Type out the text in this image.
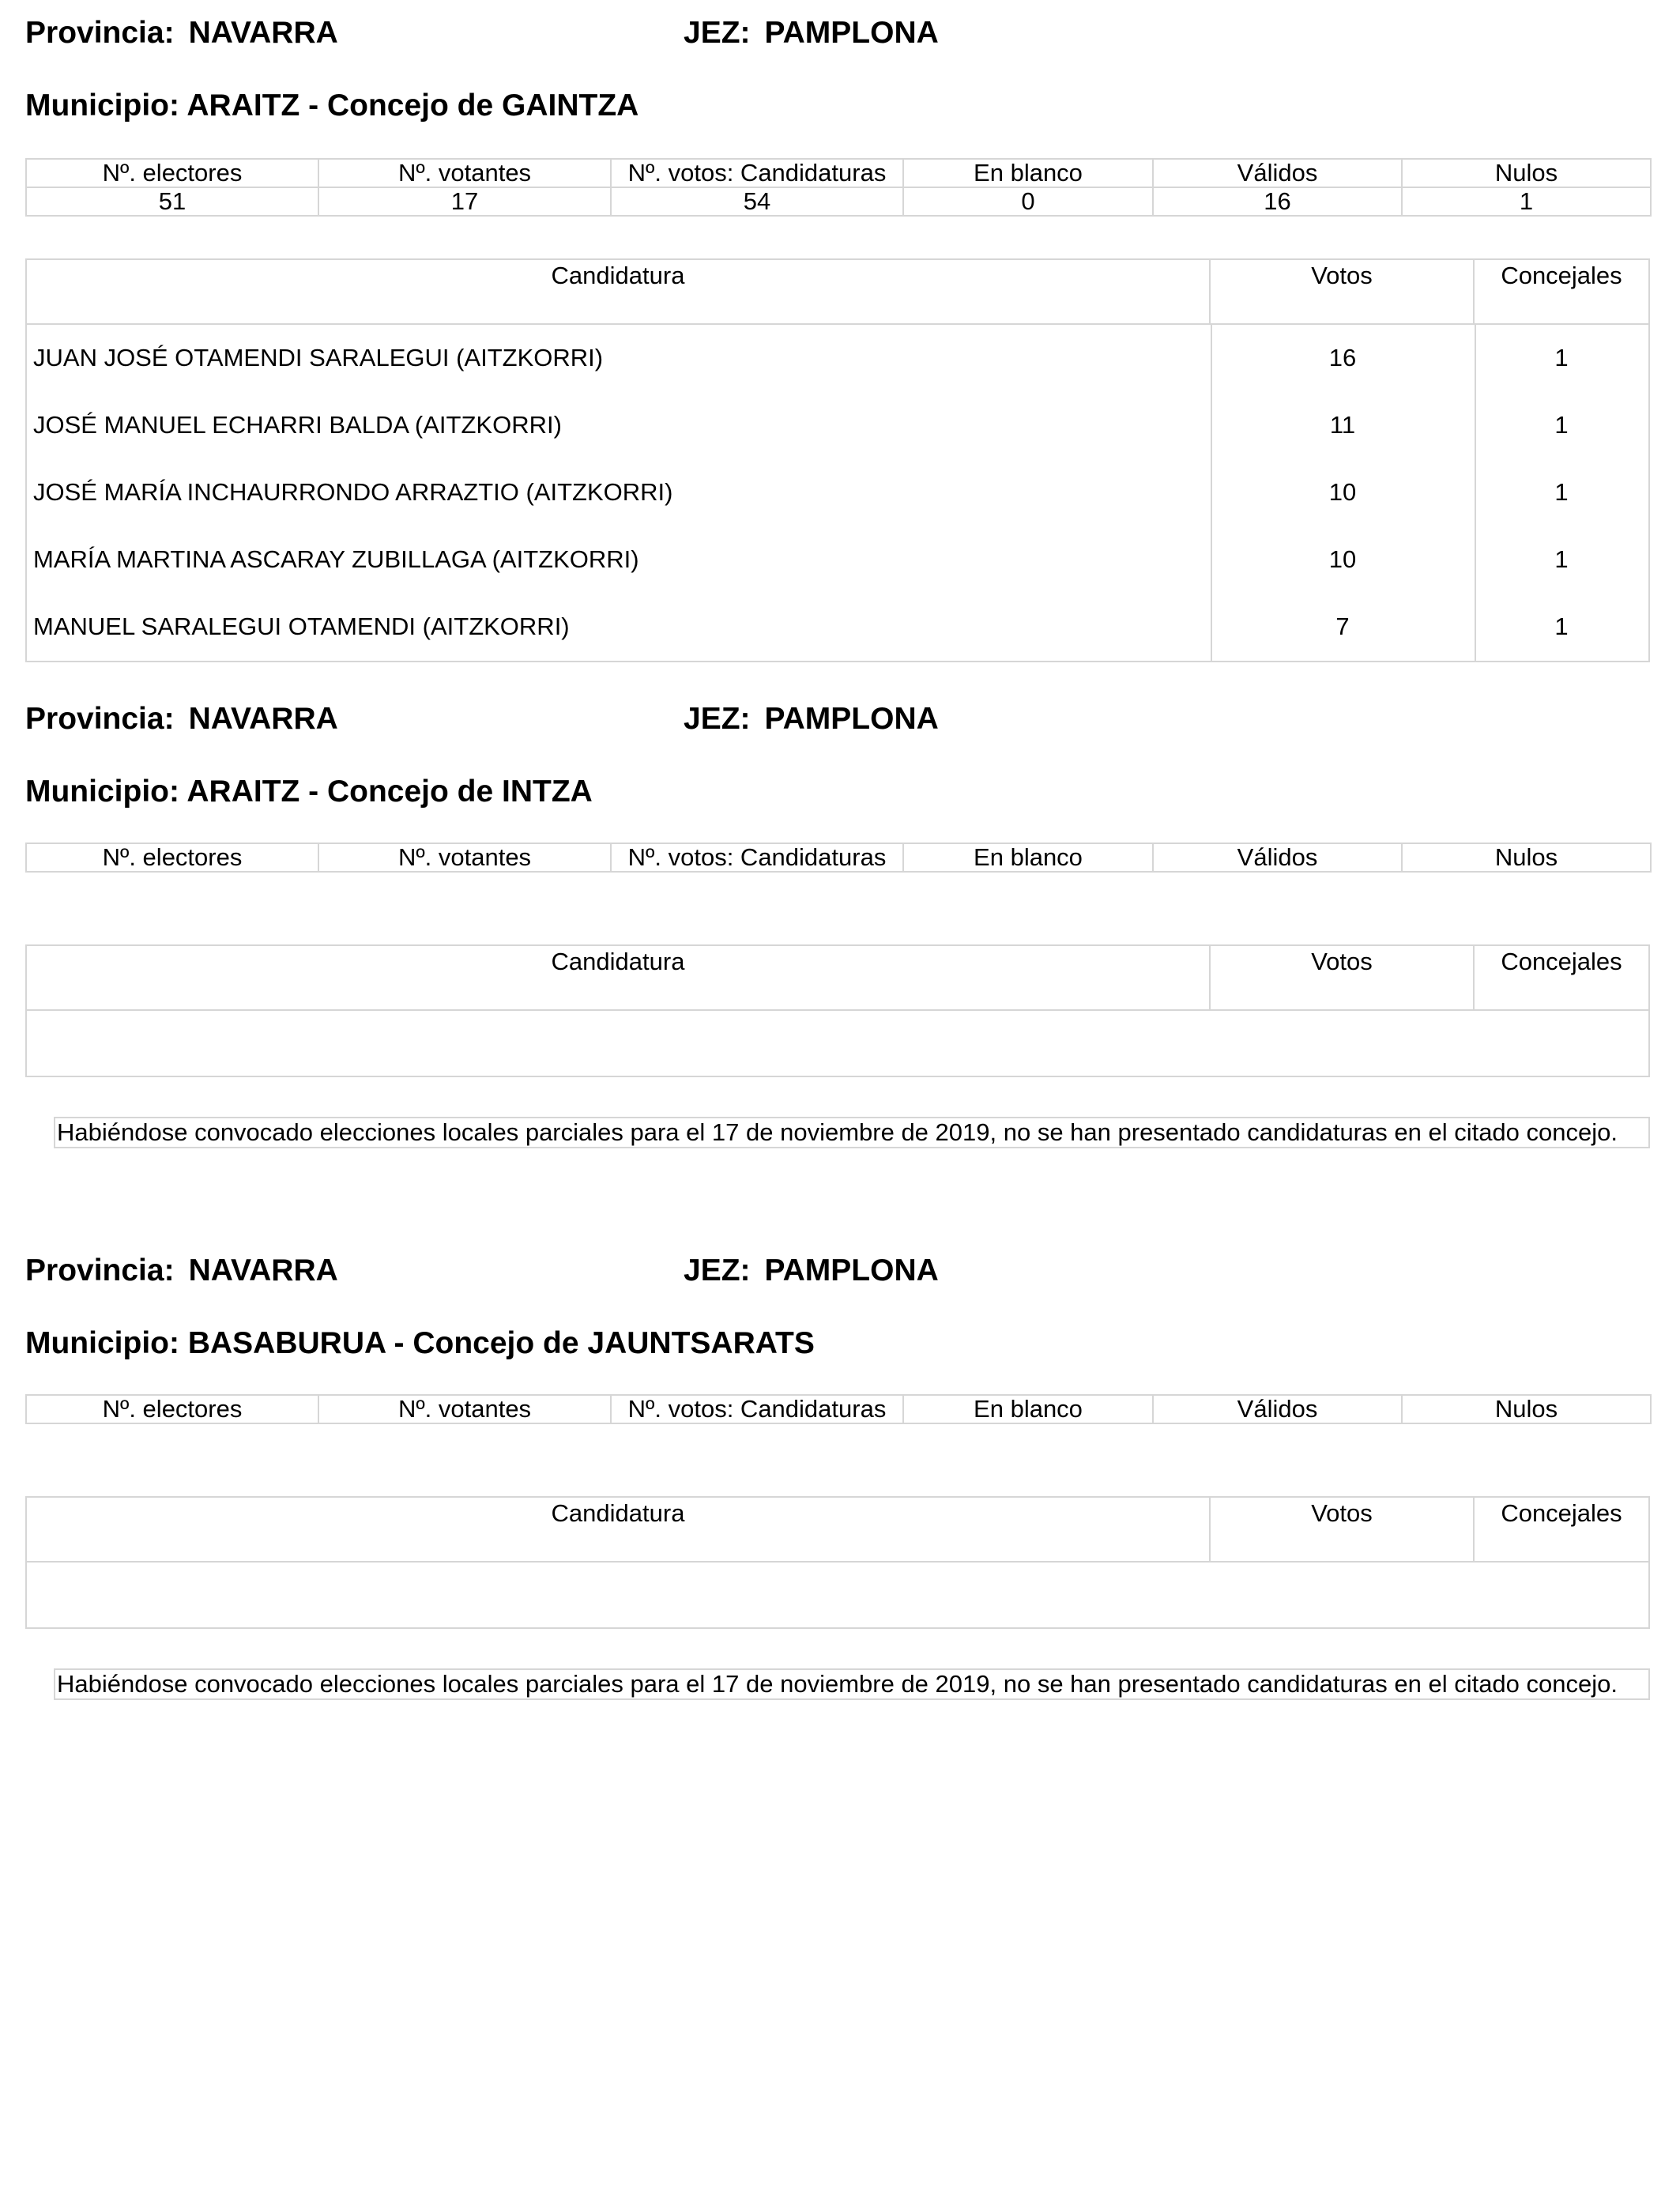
Provincia: NAVARRA	JEZ: PAMPLONA
Municipio: ARAITZ - Concejo de GAINTZA
Nº. electores	Nº. votantes	Nº. votos: Candidaturas	En blanco	Válidos	Nulos
51	17	54	0	16	1
Candidatura	Votos	Concejales
JUAN JOSÉ OTAMENDI SARALEGUI (AITZKORRI)	16	1
JOSÉ MANUEL ECHARRI BALDA (AITZKORRI)	11	1
JOSÉ MARÍA INCHAURRONDO ARRAZTIO (AITZKORRI)	10	1
MARÍA MARTINA ASCARAY ZUBILLAGA (AITZKORRI)	10	1
MANUEL SARALEGUI OTAMENDI (AITZKORRI)	7	1
Provincia: NAVARRA	JEZ: PAMPLONA
Municipio: ARAITZ - Concejo de INTZA
Nº. electores	Nº. votantes	Nº. votos: Candidaturas	En blanco	Válidos	Nulos
Candidatura	Votos	Concejales
Habiéndose convocado elecciones locales parciales para el 17 de noviembre de 2019, no se han presentado candidaturas en el citado concejo.
Provincia: NAVARRA	JEZ: PAMPLONA
Municipio: BASABURUA - Concejo de JAUNTSARATS
Nº. electores	Nº. votantes	Nº. votos: Candidaturas	En blanco	Válidos	Nulos
Candidatura	Votos	Concejales
Habiéndose convocado elecciones locales parciales para el 17 de noviembre de 2019, no se han presentado candidaturas en el citado concejo.
